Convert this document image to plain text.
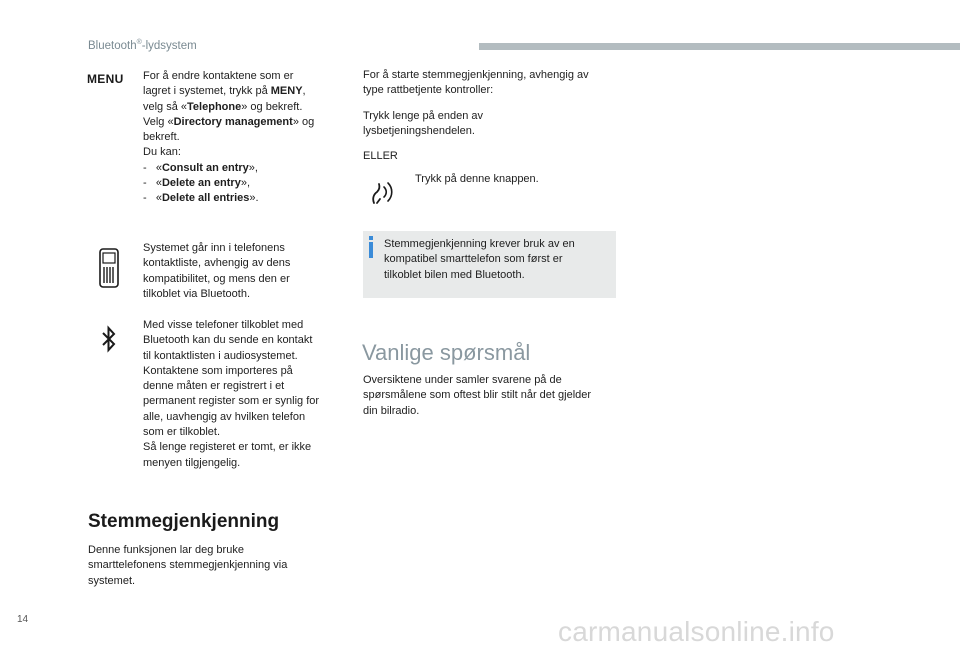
Bluetooth®-lydsystem
MENU For å endre kontaktene som er

lagret i systemet, trykk på MENY,

velg så «Telephone» og bekreft.

Velg «Directory management» og

bekreft.

Du kan:

- «Consult an entry»,

- «Delete an entry»,

- «Delete all entries».

Systemet går inn i telefonens

kontaktliste, avhengig av dens

kompatibilitet, og mens den er

tilkoblet via Bluetooth.

Med visse telefoner tilkoblet med

Bluetooth kan du sende en kontakt

til kontaktlisten i audiosystemet.

Kontaktene som importeres på

denne måten er registrert i et

permanent register som er synlig for

alle, uavhengig av hvilken telefon

som er tilkoblet.

Så lenge registeret er tomt, er ikke

menyen tilgjengelig.

Stemmegjenkjenning

Denne funksjonen lar deg bruke

smarttelefonens stemmegjenkjenning via

systemet.

For å starte stemmegjenkjenning, avhengig av

type rattbetjente kontroller:

Trykk lenge på enden av

lysbetjeningshendelen.

ELLER
Trykk på denne knappen.

Stemmegjenkjenning krever bruk av en

kompatibel smarttelefon som først er

tilkoblet bilen med Bluetooth.

Vanlige spørsmål

Oversiktene under samler svarene på de

spørsmålene som oftest blir stilt når det gjelder

din bilradio.

14	carmanualsonline.info
